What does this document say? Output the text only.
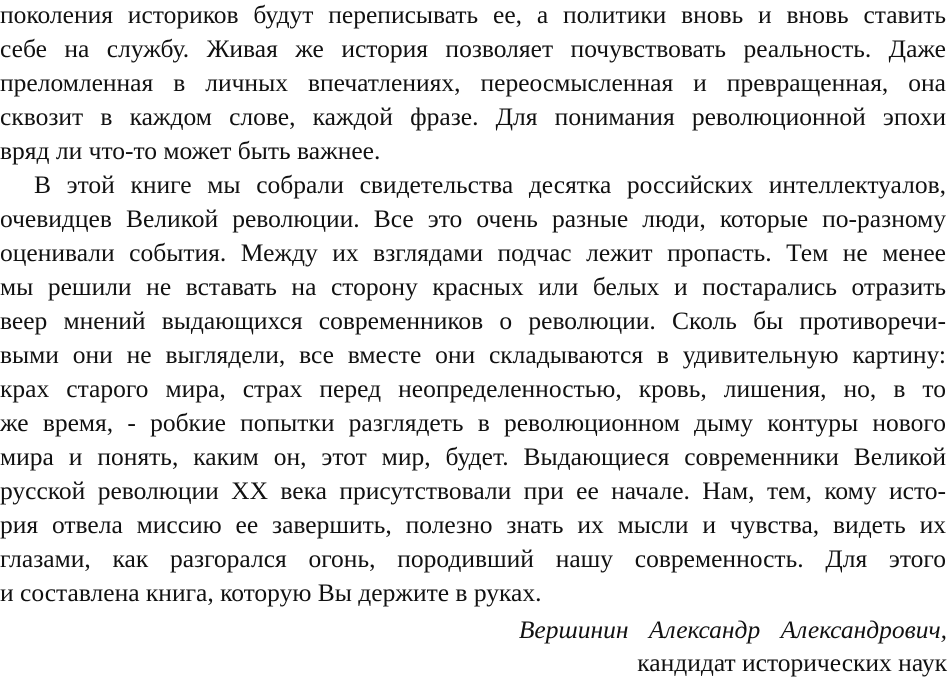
поколения историков будут переписывать ее, а политики вновь и вновь ставить
себе на службу. Живая же история позволяет почувствовать реальность. Даже
преломленная в личных впечатлениях, переосмысленная и превращенная, она
сквозит в каждом слове, каждой фразе. Для понимания революционной эпохи
вряд ли что-то может быть важнее.
В этой книге мы собрали свидетельства десятка российских интеллектуалов,
очевидцев Великой революции. Все это очень разные люди, которые по-разному
оценивали события. Между их взглядами подчас лежит пропасть. Тем не менее
мы решили не вставать на сторону красных или белых и постарались отразить
веер мнений выдающихся современников о революции. Сколь бы противоречи-
выми они не выглядели, все вместе они складываются в удивительную картину:
крах старого мира, страх перед неопределенностью, кровь, лишения, но, в то
же время, - робкие попытки разглядеть в революционном дыму контуры нового
мира и понять, каким он, этот мир, будет. Выдающиеся современники Великой
русской революции XX века присутствовали при ее начале. Нам, тем, кому исто-
рия отвела миссию ее завершить, полезно знать их мысли и чувства, видеть их
глазами, как разгорался огонь, породивший нашу современность. Для этого
и составлена книга, которую Вы держите в руках.
Вершинин Александр Александрович,
кандидат исторических наук
